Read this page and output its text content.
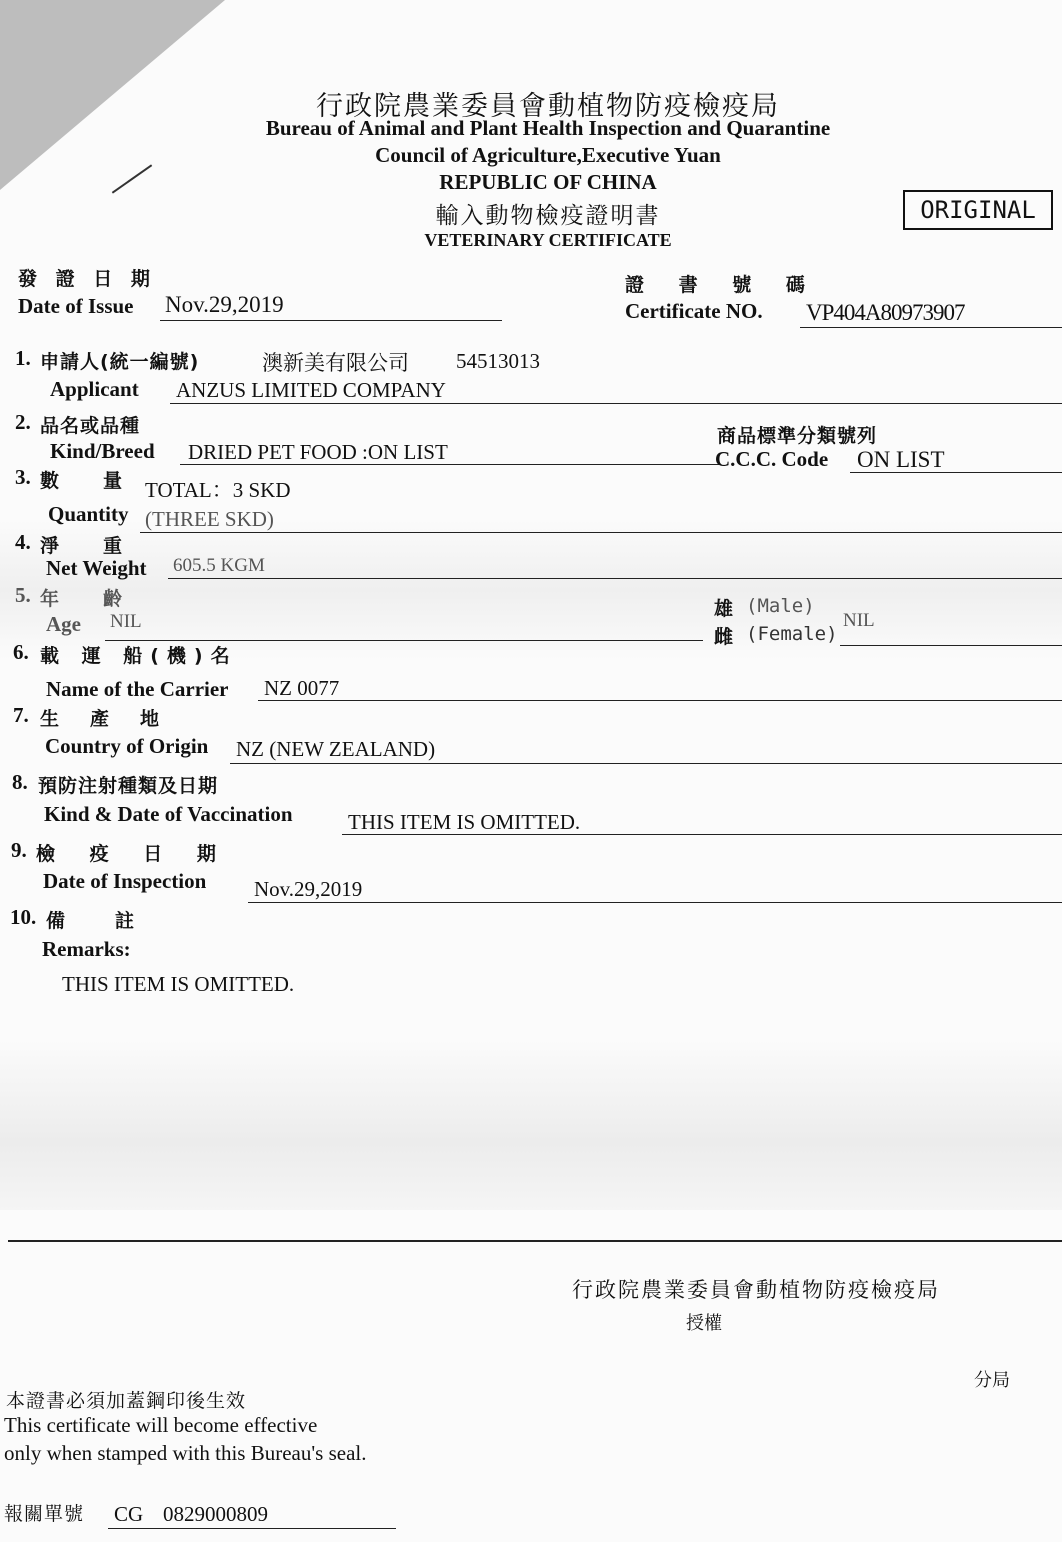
行政院農業委員會動植物防疫檢疫局
Bureau of Animal and Plant Health Inspection and Quarantine
Council of Agriculture,Executive Yuan
REPUBLIC OF CHINA
輸入動物檢疫證明書
VETERINARY CERTIFICATE
ORIGINAL
發 證 日 期
Date of Issue Nov.29,2019
證 書 號 碼
Certificate NO. VP404A80973907
1. 申請人(統一編號)	澳新美有限公司 54513013
Applicant ANZUS LIMITED COMPANY
2. 品名或品種
Kind/Breed DRIED PET FOOD :ON LIST
商品標準分類號列
C.C.C. Code ON LIST
3. 數　　量 TOTAL：3 SKD
Quantity (THREE SKD)
4. 淨　　重
Net Weight 605.5 KGM
5. 年　　齡
Age NIL
雄 (Male)
雌 (Female)
NIL
6. 載 運 船(機)名
Name of the Carrier NZ 0077
7. 生　產　地
Country of Origin NZ (NEW ZEALAND)
8. 預防注射種類及日期
Kind & Date of Vaccination	THIS ITEM IS OMITTED.
9. 檢 疫 日 期
Date of Inspection Nov.29,2019
10. 備　　註
Remarks:
THIS ITEM IS OMITTED.
行政院農業委員會動植物防疫檢疫局
授權
分局
本證書必須加蓋鋼印後生效
This certificate will become effective
only when stamped with this Bureau's seal.
報關單號 CG 0829000809
